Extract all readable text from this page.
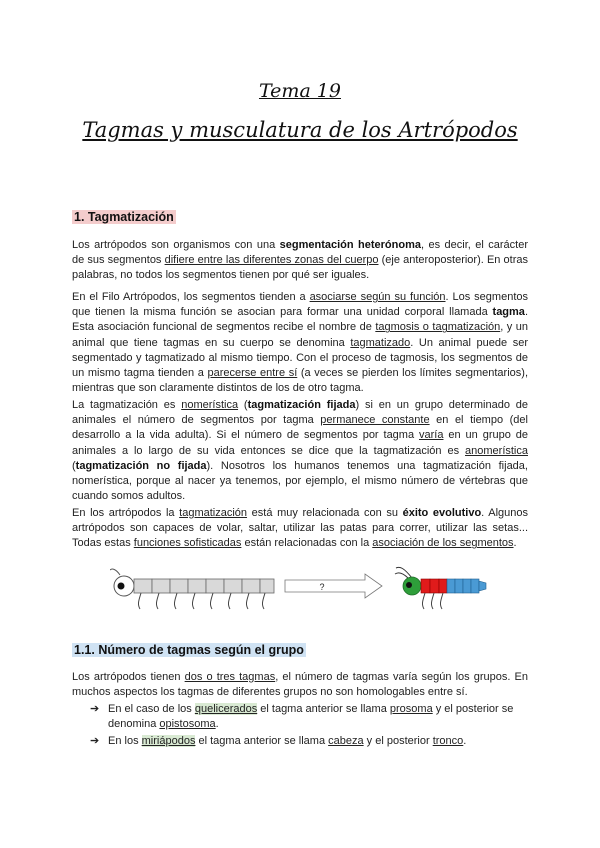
Tema 19
Tagmas y musculatura de los Artrópodos
1. Tagmatización
Los artrópodos son organismos con una segmentación heterónoma, es decir, el carácter de sus segmentos difiere entre las diferentes zonas del cuerpo (eje anteroposterior). En otras palabras, no todos los segmentos tienen por qué ser iguales.
En el Filo Artrópodos, los segmentos tienden a asociarse según su función. Los segmentos que tienen la misma función se asocian para formar una unidad corporal llamada tagma. Esta asociación funcional de segmentos recibe el nombre de tagmosis o tagmatización, y un animal que tiene tagmas en su cuerpo se denomina tagmatizado. Un animal puede ser segmentado y tagmatizado al mismo tiempo. Con el proceso de tagmosis, los segmentos de un mismo tagma tienden a parecerse entre sí (a veces se pierden los límites segmentarios), mientras que son claramente distintos de los de otro tagma.
La tagmatización es nomerística (tagmatización fijada) si en un grupo determinado de animales el número de segmentos por tagma permanece constante en el tiempo (del desarrollo a la vida adulta). Si el número de segmentos por tagma varía en un grupo de animales a lo largo de su vida entonces se dice que la tagmatización es anomerística (tagmatización no fijada). Nosotros los humanos tenemos una tagmatización fijada, nomerística, porque al nacer ya tenemos, por ejemplo, el mismo número de vértebras que cuando somos adultos.
En los artrópodos la tagmatización está muy relacionada con su éxito evolutivo. Algunos artrópodos son capaces de volar, saltar, utilizar las patas para correr, utilizar las setas... Todas estas funciones sofisticadas están relacionadas con la asociación de los segmentos.
?
1.1. Número de tagmas según el grupo
Los artrópodos tienen dos o tres tagmas, el número de tagmas varía según los grupos. En muchos aspectos los tagmas de diferentes grupos no son homologables entre sí.
➔ En el caso de los quelicerados el tagma anterior se llama prosoma y el posterior se denomina opistosoma.
➔ En los miriápodos el tagma anterior se llama cabeza y el posterior tronco.
